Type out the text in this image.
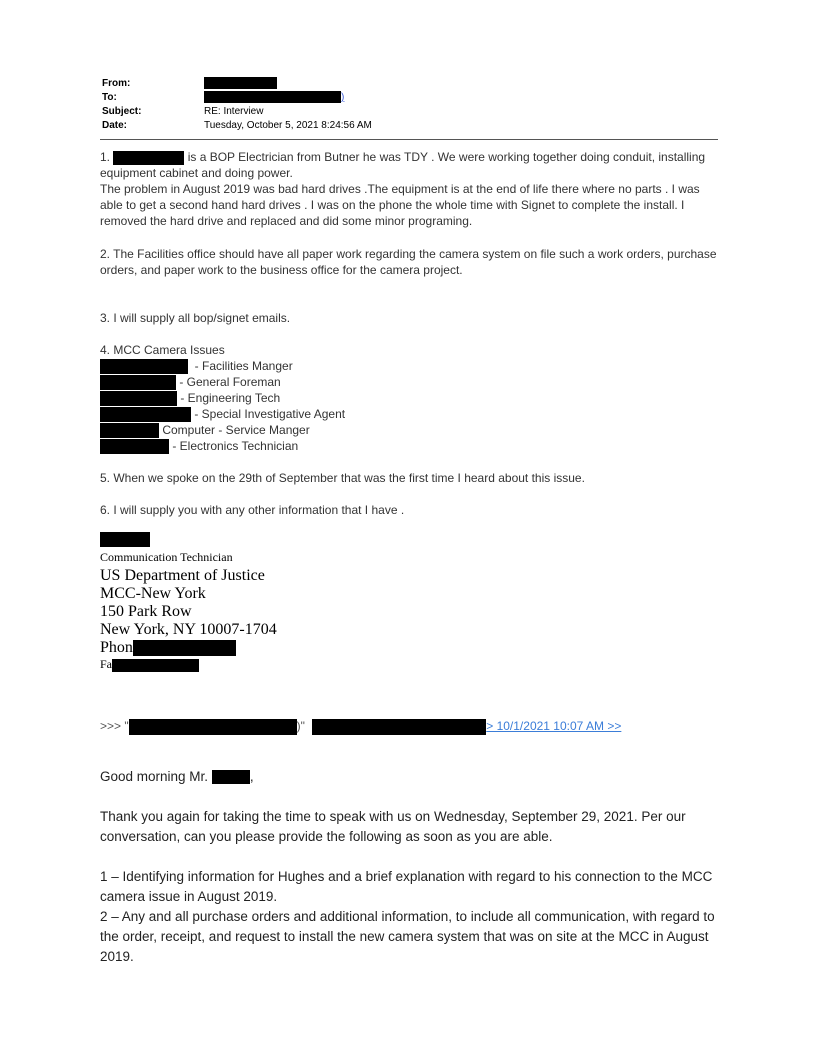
From:
To:	)
Subject:	RE: Interview
Date:	Tuesday, October 5, 2021 8:24:56 AM
1.	is a BOP Electrician from Butner he was TDY . We were working together doing conduit, installing equipment cabinet and doing power.
The problem in August 2019 was bad hard drives .The equipment is at the end of life there where no parts . I was able to get a second hand hard drives . I was on the phone the whole time with Signet to complete the install. I removed the hard drive and replaced and did some minor programing.
2. The Facilities office should have all paper work regarding the camera system on file such a work orders, purchase orders, and paper work to the business office for the camera project.
3. I will supply all bop/signet emails.
4. MCC Camera Issues
- Facilities Manger
- General Foreman
- Engineering Tech
- Special Investigative Agent
Computer - Service Manger
- Electronics Technician
5. When we spoke on the 29th of September that was the first time I heard about this issue.
6. I will supply you with any other information that I have .
Communication Technician
US Department of Justice
MCC-New York
150 Park Row
New York, NY 10007-1704
Phon
Fa
>>> "	)"	> 10/1/2021 10:07 AM >>
Good morning Mr.	,
Thank you again for taking the time to speak with us on Wednesday, September 29, 2021. Per our conversation, can you please provide the following as soon as you are able.
1 – Identifying information for Hughes and a brief explanation with regard to his connection to the MCC camera issue in August 2019.
2 – Any and all purchase orders and additional information, to include all communication, with regard to the order, receipt, and request to install the new camera system that was on site at the MCC in August 2019.
